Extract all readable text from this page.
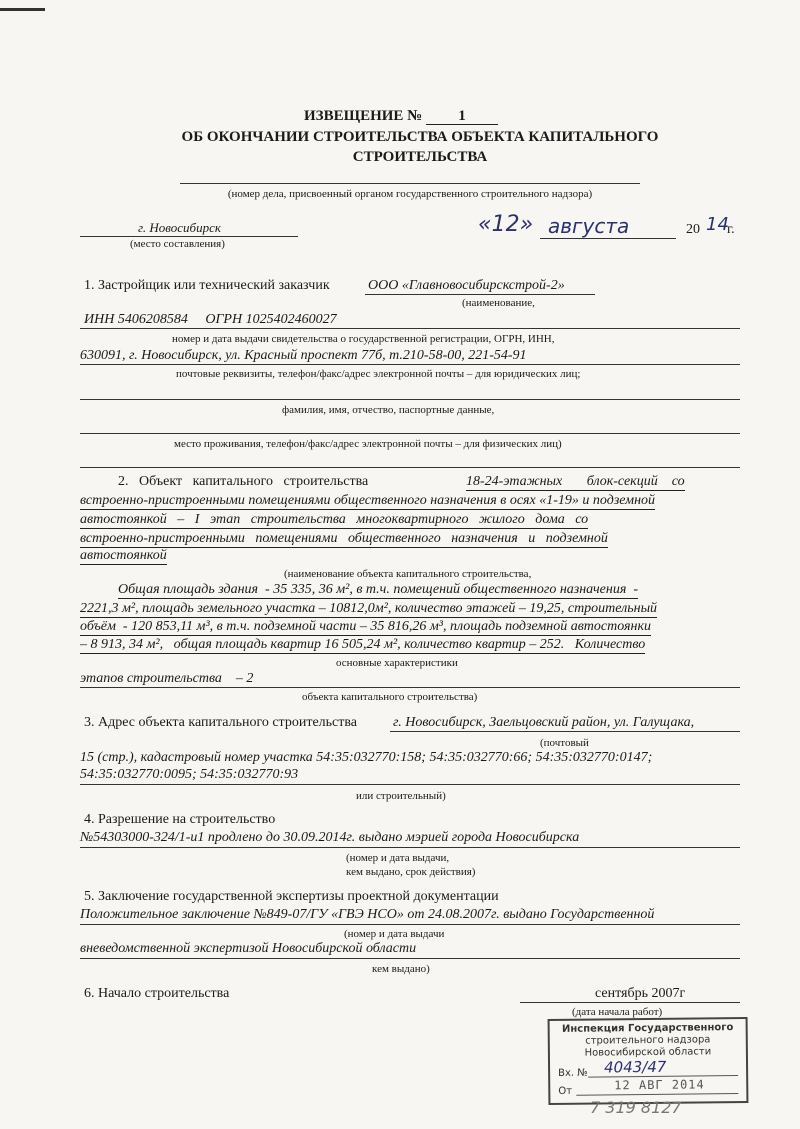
ИЗВЕЩЕНИЕ № 1
ОБ ОКОНЧАНИИ СТРОИТЕЛЬСТВА ОБЪЕКТА КАПИТАЛЬНОГО
СТРОИТЕЛЬСТВА
(номер дела, присвоенный органом государственного строительного надзора)
г. Новосибирск
(место составления)
«12» августа	20 14
г.
1. Застройщик или технический заказчик	ООО «Главновосибирскстрой-2»
(наименование,
ИНН 5406208584     ОГРН 1025402460027
номер и дата выдачи свидетельства о государственной регистрации, ОГРН, ИНН,
630091, г. Новосибирск, ул. Красный проспект 77б, т.210-58-00, 221-54-91
почтовые реквизиты, телефон/факс/адрес электронной почты – для юридических лиц;
фамилия, имя, отчество, паспортные данные,
место проживания, телефон/факс/адрес электронной почты – для физических лиц)
2.   Объект   капитального   строительства	18-24-этажных       блок-секций    со
встроенно-пристроенными помещениями общественного назначения в осях «1-19» и подземной
автостоянкой   –   I   этап   строительства   многоквартирного   жилого   дома   со
встроенно-пристроенными   помещениями   общественного   назначения   и   подземной
автостоянкой
(наименование объекта капитального строительства,
Общая площадь здания  - 35 335, 36 м², в т.ч. помещений общественного назначения  -
2221,3 м², площадь земельного участка – 10812,0м², количество этажей – 19,25, строительный
объём  - 120 853,11 м³, в т.ч. подземной части – 35 816,26 м³, площадь подземной автостоянки
– 8 913, 34 м²,   общая площадь квартир 16 505,24 м², количество квартир – 252.   Количество
основные характеристики
этапов строительства    – 2
объекта капитального строительства)
3. Адрес объекта капитального строительства	г. Новосибирск, Заельцовский район, ул. Галущака,
(почтовый
15 (стр.), кадастровый номер участка 54:35:032770:158; 54:35:032770:66; 54:35:032770:0147;
54:35:032770:0095; 54:35:032770:93
или строительный)
4. Разрешение на строительство
№54303000-324/1-и1 продлено до 30.09.2014г. выдано мэрией города Новосибирска
(номер и дата выдачи,
кем выдано, срок действия)
5. Заключение государственной экспертизы проектной документации
Положительное заключение №849-07/ГУ «ГВЭ НСО» от 24.08.2007г. выдано Государственной
(номер и дата выдачи
вневедомственной экспертизой Новосибирской области
кем выдано)
6. Начало строительства	сентябрь 2007г
(дата начала работ)
Инспекция Государственного
строительного надзора
Новосибирской области
Вх. № 4043/47
От	12 АВГ 2014
7 319 8127
